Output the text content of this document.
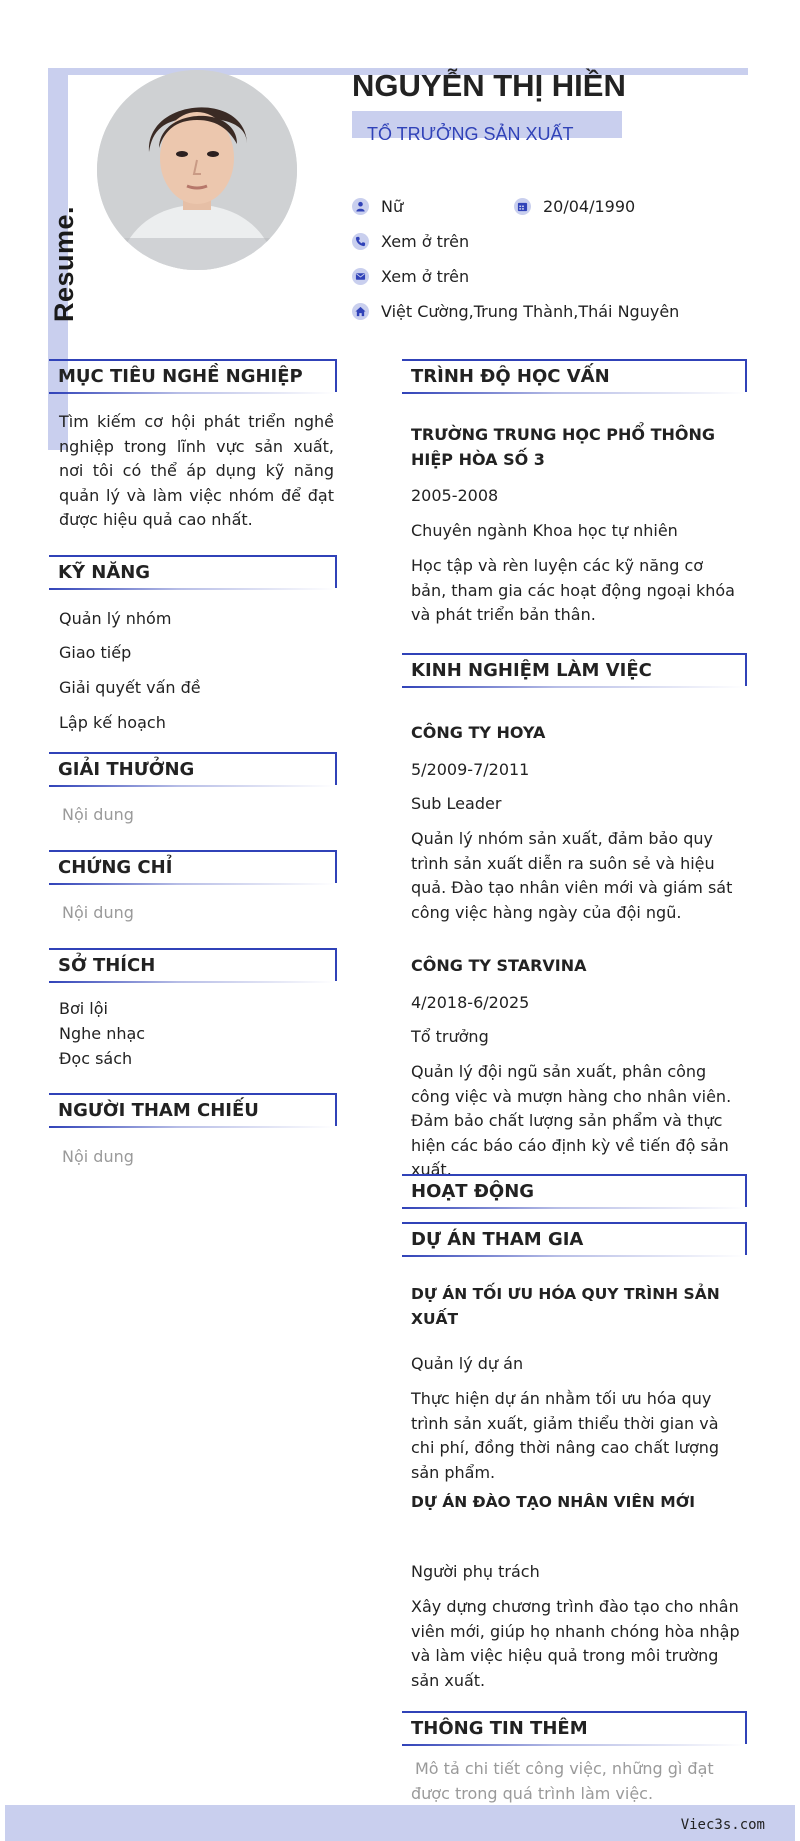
Resume.
NGUYỄN THỊ HIỀN
TỔ TRƯỞNG SẢN XUẤT
Nữ	20/04/1990
Xem ở trên
Xem ở trên
Việt Cường,Trung Thành,Thái Nguyên
MỤC TIÊU NGHỀ NGHIỆP
Tìm kiếm cơ hội phát triển nghề nghiệp trong lĩnh vực sản xuất, nơi tôi có thể áp dụng kỹ năng quản lý và làm việc nhóm để đạt được hiệu quả cao nhất.
KỸ NĂNG
Quản lý nhóm
Giao tiếp
Giải quyết vấn đề
Lập kế hoạch
GIẢI THƯỞNG
Nội dung
CHỨNG CHỈ
Nội dung
SỞ THÍCH
Bơi lội
Nghe nhạc
Đọc sách
NGƯỜI THAM CHIẾU
Nội dung
TRÌNH ĐỘ HỌC VẤN
TRƯỜNG TRUNG HỌC PHỔ THÔNG HIỆP HÒA SỐ 3
2005-2008
Chuyên ngành Khoa học tự nhiên
Học tập và rèn luyện các kỹ năng cơ bản, tham gia các hoạt động ngoại khóa và phát triển bản thân.
KINH NGHIỆM LÀM VIỆC
CÔNG TY HOYA
5/2009-7/2011
Sub Leader
Quản lý nhóm sản xuất, đảm bảo quy trình sản xuất diễn ra suôn sẻ và hiệu quả. Đào tạo nhân viên mới và giám sát công việc hàng ngày của đội ngũ.
CÔNG TY STARVINA
4/2018-6/2025
Tổ trưởng
Quản lý đội ngũ sản xuất, phân công công việc và mượn hàng cho nhân viên. Đảm bảo chất lượng sản phẩm và thực hiện các báo cáo định kỳ về tiến độ sản xuất.
HOẠT ĐỘNG
DỰ ÁN THAM GIA
DỰ ÁN TỐI ƯU HÓA QUY TRÌNH SẢN XUẤT
Quản lý dự án
Thực hiện dự án nhằm tối ưu hóa quy trình sản xuất, giảm thiểu thời gian và chi phí, đồng thời nâng cao chất lượng sản phẩm.
DỰ ÁN ĐÀO TẠO NHÂN VIÊN MỚI
Người phụ trách
Xây dựng chương trình đào tạo cho nhân viên mới, giúp họ nhanh chóng hòa nhập và làm việc hiệu quả trong môi trường sản xuất.
THÔNG TIN THÊM
Mô tả chi tiết công việc, những gì đạt được trong quá trình làm việc.
Viec3s.com
